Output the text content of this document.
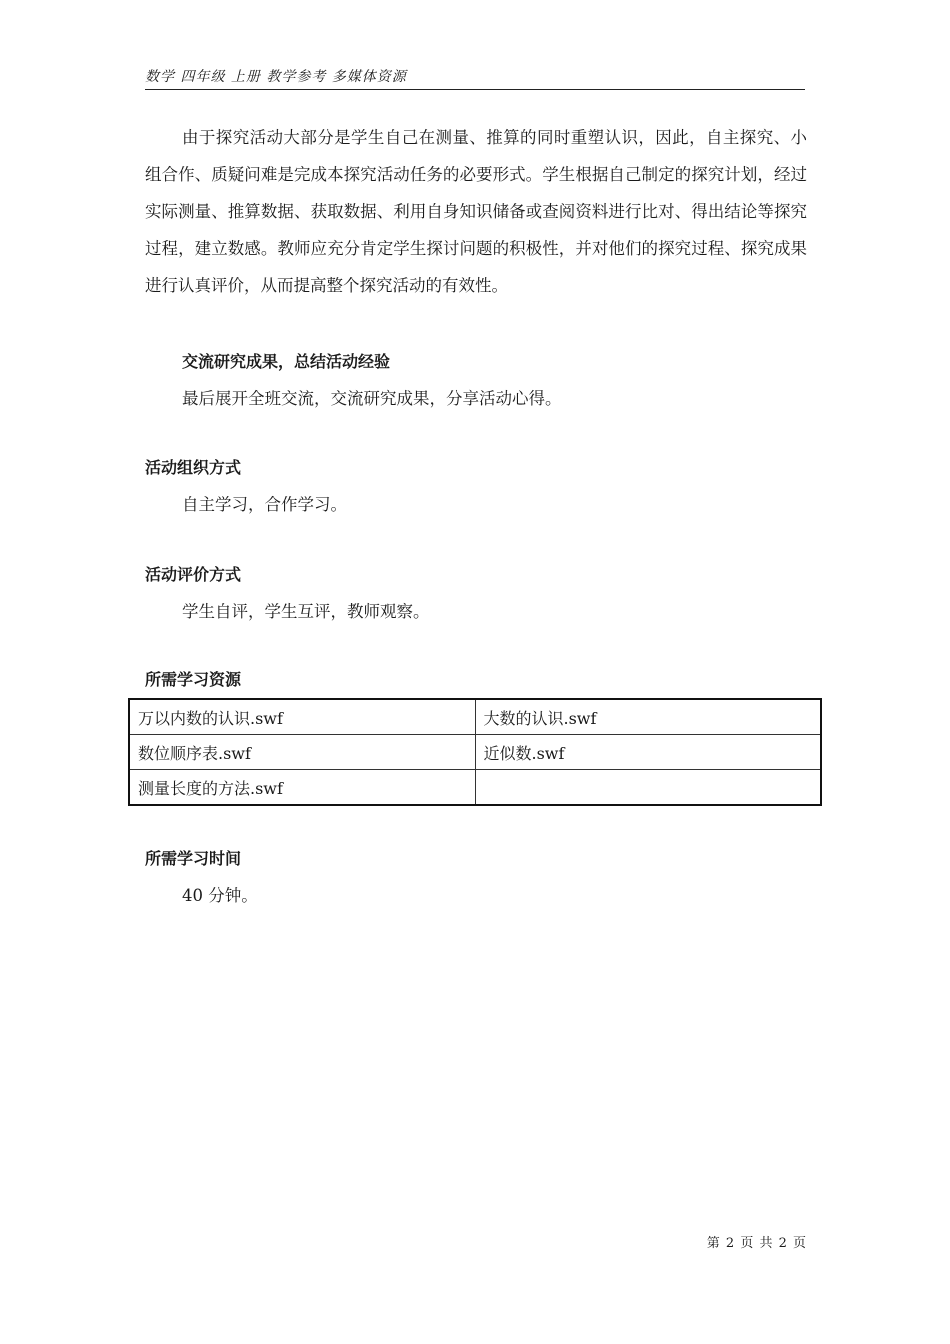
数学 四年级 上册 教学参考 多媒体资源

由于探究活动大部分是学生自己在测量、推算的同时重塑认识，因此，自主探究、小组合作、质疑问难是完成本探究活动任务的必要形式。学生根据自己制定的探究计划，经过实际测量、推算数据、获取数据、利用自身知识储备或查阅资料进行比对、得出结论等探究过程，建立数感。教师应充分肯定学生探讨问题的积极性，并对他们的探究过程、探究成果进行认真评价，从而提高整个探究活动的有效性。

交流研究成果，总结活动经验
最后展开全班交流，交流研究成果，分享活动心得。
活动组织方式
自主学习，合作学习。
活动评价方式
学生自评，学生互评，教师观察。
所需学习资源
万以内数的认识.swf	大数的认识.swf
数位顺序表.swf	近似数.swf
测量长度的方法.swf	
所需学习时间
40 分钟。
第 2 页 共 2 页
